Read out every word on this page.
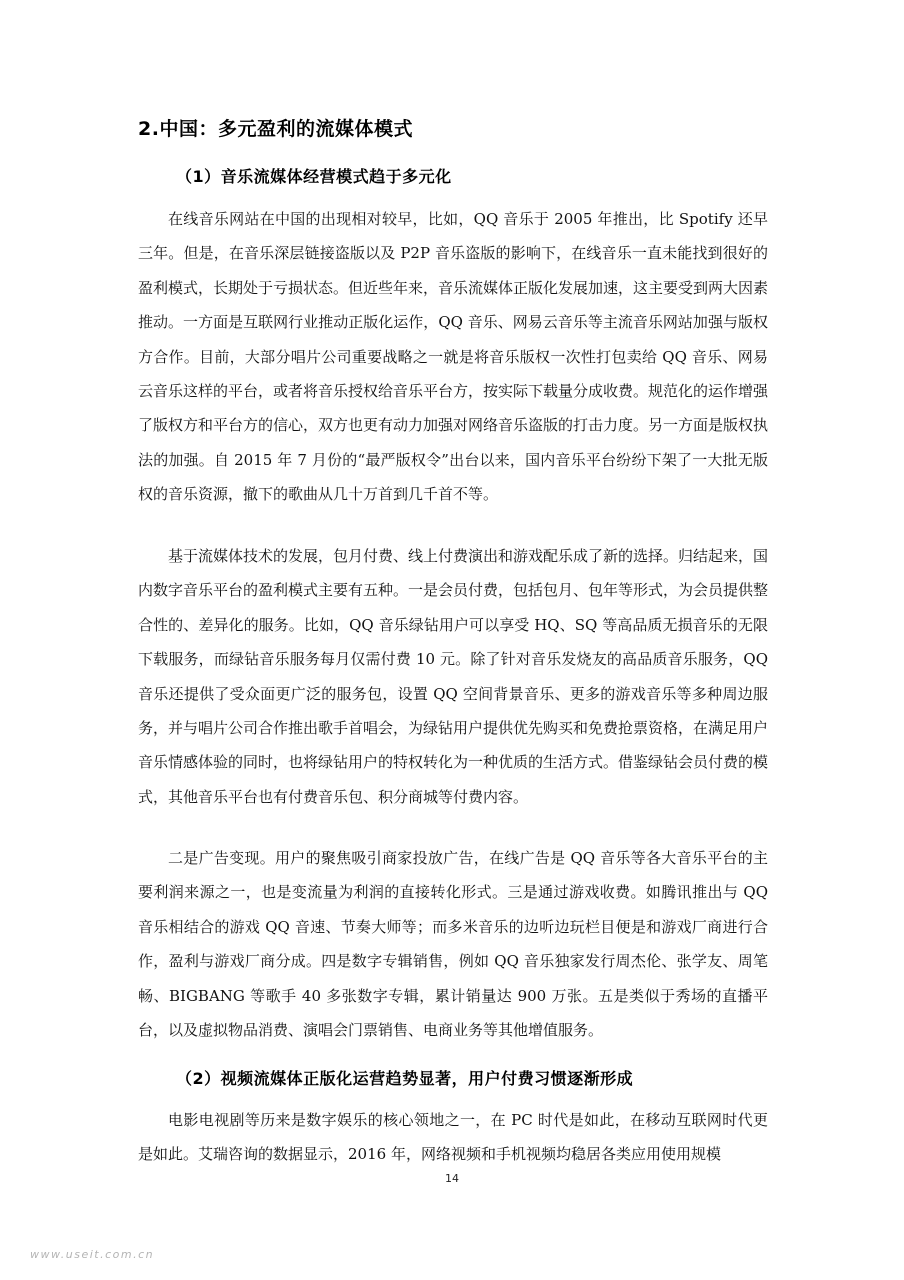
2.中国：多元盈利的流媒体模式
（1）音乐流媒体经营模式趋于多元化

在线音乐网站在中国的出现相对较早，比如，QQ 音乐于 2005 年推出，比 Spotify 还早三年。但是，在音乐深层链接盗版以及 P2P 音乐盗版的影响下，在线音乐一直未能找到很好的盈利模式，长期处于亏损状态。但近些年来，音乐流媒体正版化发展加速，这主要受到两大因素推动。一方面是互联网行业推动正版化运作，QQ 音乐、网易云音乐等主流音乐网站加强与版权方合作。目前，大部分唱片公司重要战略之一就是将音乐版权一次性打包卖给 QQ 音乐、网易云音乐这样的平台，或者将音乐授权给音乐平台方，按实际下载量分成收费。规范化的运作增强了版权方和平台方的信心，双方也更有动力加强对网络音乐盗版的打击力度。另一方面是版权执法的加强。自 2015 年 7 月份的“最严版权令”出台以来，国内音乐平台纷纷下架了一大批无版权的音乐资源，撤下的歌曲从几十万首到几千首不等。

基于流媒体技术的发展，包月付费、线上付费演出和游戏配乐成了新的选择。归结起来，国内数字音乐平台的盈利模式主要有五种。一是会员付费，包括包月、包年等形式，为会员提供整合性的、差异化的服务。比如，QQ 音乐绿钻用户可以享受 HQ、SQ 等高品质无损音乐的无限下载服务，而绿钻音乐服务每月仅需付费 10 元。除了针对音乐发烧友的高品质音乐服务，QQ 音乐还提供了受众面更广泛的服务包，设置 QQ 空间背景音乐、更多的游戏音乐等多种周边服务，并与唱片公司合作推出歌手首唱会，为绿钻用户提供优先购买和免费抢票资格，在满足用户音乐情感体验的同时，也将绿钻用户的特权转化为一种优质的生活方式。借鉴绿钻会员付费的模式，其他音乐平台也有付费音乐包、积分商城等付费内容。

二是广告变现。用户的聚焦吸引商家投放广告，在线广告是 QQ 音乐等各大音乐平台的主要利润来源之一，也是变流量为利润的直接转化形式。三是通过游戏收费。如腾讯推出与 QQ 音乐相结合的游戏 QQ 音速、节奏大师等；而多米音乐的边听边玩栏目便是和游戏厂商进行合作，盈利与游戏厂商分成。四是数字专辑销售，例如 QQ 音乐独家发行周杰伦、张学友、周笔畅、BIGBANG 等歌手 40 多张数字专辑，累计销量达 900 万张。五是类似于秀场的直播平台，以及虚拟物品消费、演唱会门票销售、电商业务等其他增值服务。

（2）视频流媒体正版化运营趋势显著，用户付费习惯逐渐形成

电影电视剧等历来是数字娱乐的核心领地之一，在 PC 时代是如此，在移动互联网时代更是如此。艾瑞咨询的数据显示，2016 年，网络视频和手机视频均稳居各类应用使用规模

14
www.useit.com.cn
